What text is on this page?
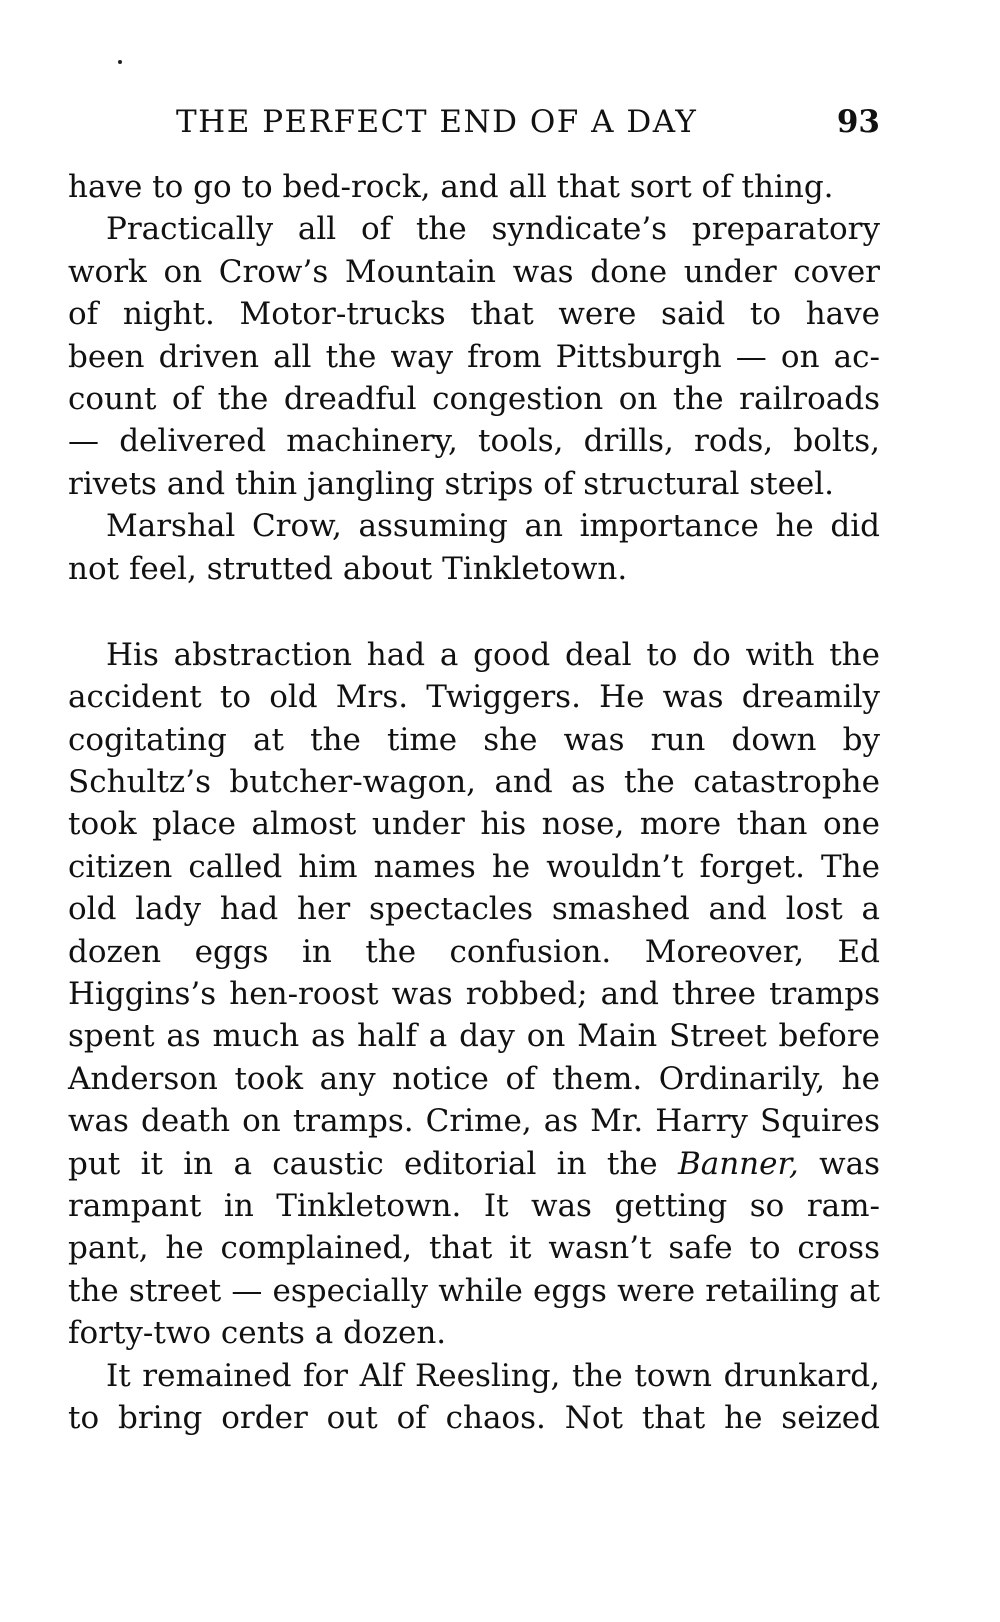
THE PERFECT END OF A DAY	93
have to go to bed-rock, and all that sort of thing.
Practically all of the syndicate’s preparatory
work on Crow’s Mountain was done under cover
of night. Motor-trucks that were said to have
been driven all the way from Pittsburgh — on ac-
count of the dreadful congestion on the railroads
— delivered machinery, tools, drills, rods, bolts,
rivets and thin jangling strips of structural steel.
Marshal Crow, assuming an importance he did
not feel, strutted about Tinkletown.
His abstraction had a good deal to do with the
accident to old Mrs. Twiggers. He was dreamily
cogitating at the time she was run down by
Schultz’s butcher-wagon, and as the catastrophe
took place almost under his nose, more than one
citizen called him names he wouldn’t forget. The
old lady had her spectacles smashed and lost a
dozen eggs in the confusion. Moreover, Ed
Higgins’s hen-roost was robbed; and three tramps
spent as much as half a day on Main Street before
Anderson took any notice of them. Ordinarily, he
was death on tramps. Crime, as Mr. Harry Squires
put it in a caustic editorial in the Banner, was
rampant in Tinkletown. It was getting so ram-
pant, he complained, that it wasn’t safe to cross
the street — especially while eggs were retailing at
forty-two cents a dozen.
It remained for Alf Reesling, the town drunkard,
to bring order out of chaos. Not that he seized
